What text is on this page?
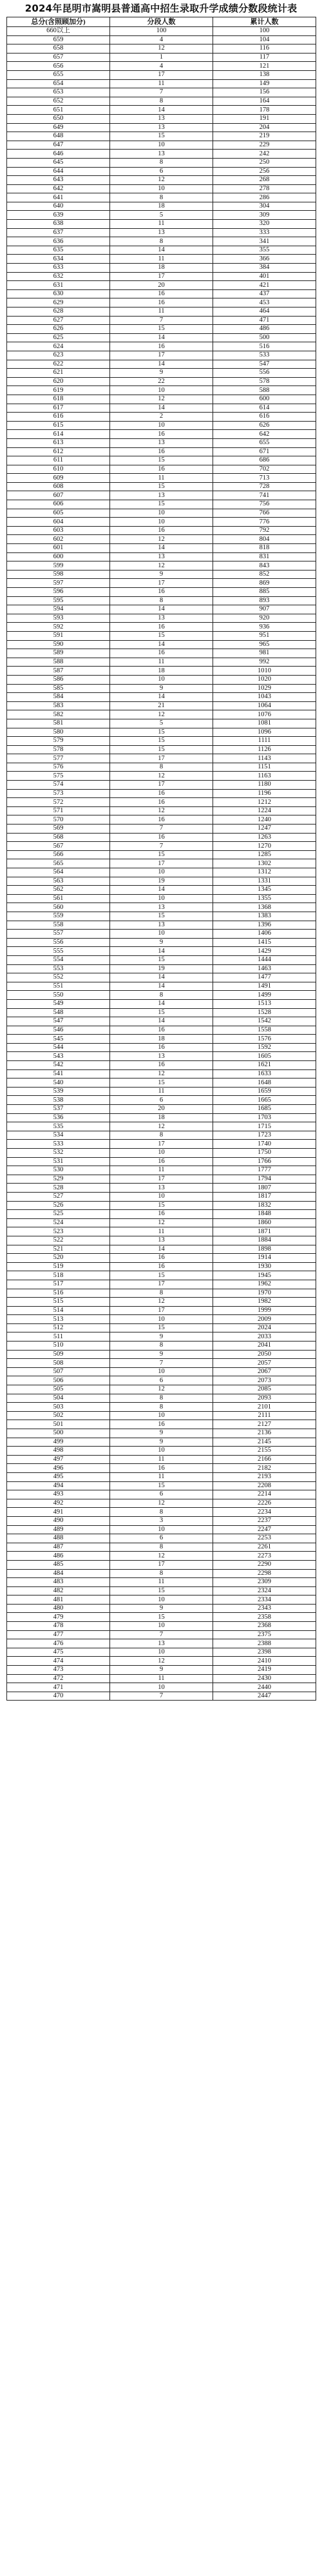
2024年昆明市嵩明县普通高中招生录取升学成绩分数段统计表
总分(含照顾加分)	分段人数	累计人数
660以上	100	100
659	4	104
658	12	116
657	1	117
656	4	121
655	17	138
654	11	149
653	7	156
652	8	164
651	14	178
650	13	191
649	13	204
648	15	219
647	10	229
646	13	242
645	8	250
644	6	256
643	12	268
642	10	278
641	8	286
640	18	304
639	5	309
638	11	320
637	13	333
636	8	341
635	14	355
634	11	366
633	18	384
632	17	401
631	20	421
630	16	437
629	16	453
628	11	464
627	7	471
626	15	486
625	14	500
624	16	516
623	17	533
622	14	547
621	9	556
620	22	578
619	10	588
618	12	600
617	14	614
616	2	616
615	10	626
614	16	642
613	13	655
612	16	671
611	15	686
610	16	702
609	11	713
608	15	728
607	13	741
606	15	756
605	10	766
604	10	776
603	16	792
602	12	804
601	14	818
600	13	831
599	12	843
598	9	852
597	17	869
596	16	885
595	8	893
594	14	907
593	13	920
592	16	936
591	15	951
590	14	965
589	16	981
588	11	992
587	18	1010
586	10	1020
585	9	1029
584	14	1043
583	21	1064
582	12	1076
581	5	1081
580	15	1096
579	15	1111
578	15	1126
577	17	1143
576	8	1151
575	12	1163
574	17	1180
573	16	1196
572	16	1212
571	12	1224
570	16	1240
569	7	1247
568	16	1263
567	7	1270
566	15	1285
565	17	1302
564	10	1312
563	19	1331
562	14	1345
561	10	1355
560	13	1368
559	15	1383
558	13	1396
557	10	1406
556	9	1415
555	14	1429
554	15	1444
553	19	1463
552	14	1477
551	14	1491
550	8	1499
549	14	1513
548	15	1528
547	14	1542
546	16	1558
545	18	1576
544	16	1592
543	13	1605
542	16	1621
541	12	1633
540	15	1648
539	11	1659
538	6	1665
537	20	1685
536	18	1703
535	12	1715
534	8	1723
533	17	1740
532	10	1750
531	16	1766
530	11	1777
529	17	1794
528	13	1807
527	10	1817
526	15	1832
525	16	1848
524	12	1860
523	11	1871
522	13	1884
521	14	1898
520	16	1914
519	16	1930
518	15	1945
517	17	1962
516	8	1970
515	12	1982
514	17	1999
513	10	2009
512	15	2024
511	9	2033
510	8	2041
509	9	2050
508	7	2057
507	10	2067
506	6	2073
505	12	2085
504	8	2093
503	8	2101
502	10	2111
501	16	2127
500	9	2136
499	9	2145
498	10	2155
497	11	2166
496	16	2182
495	11	2193
494	15	2208
493	6	2214
492	12	2226
491	8	2234
490	3	2237
489	10	2247
488	6	2253
487	8	2261
486	12	2273
485	17	2290
484	8	2298
483	11	2309
482	15	2324
481	10	2334
480	9	2343
479	15	2358
478	10	2368
477	7	2375
476	13	2388
475	10	2398
474	12	2410
473	9	2419
472	11	2430
471	10	2440
470	7	2447
